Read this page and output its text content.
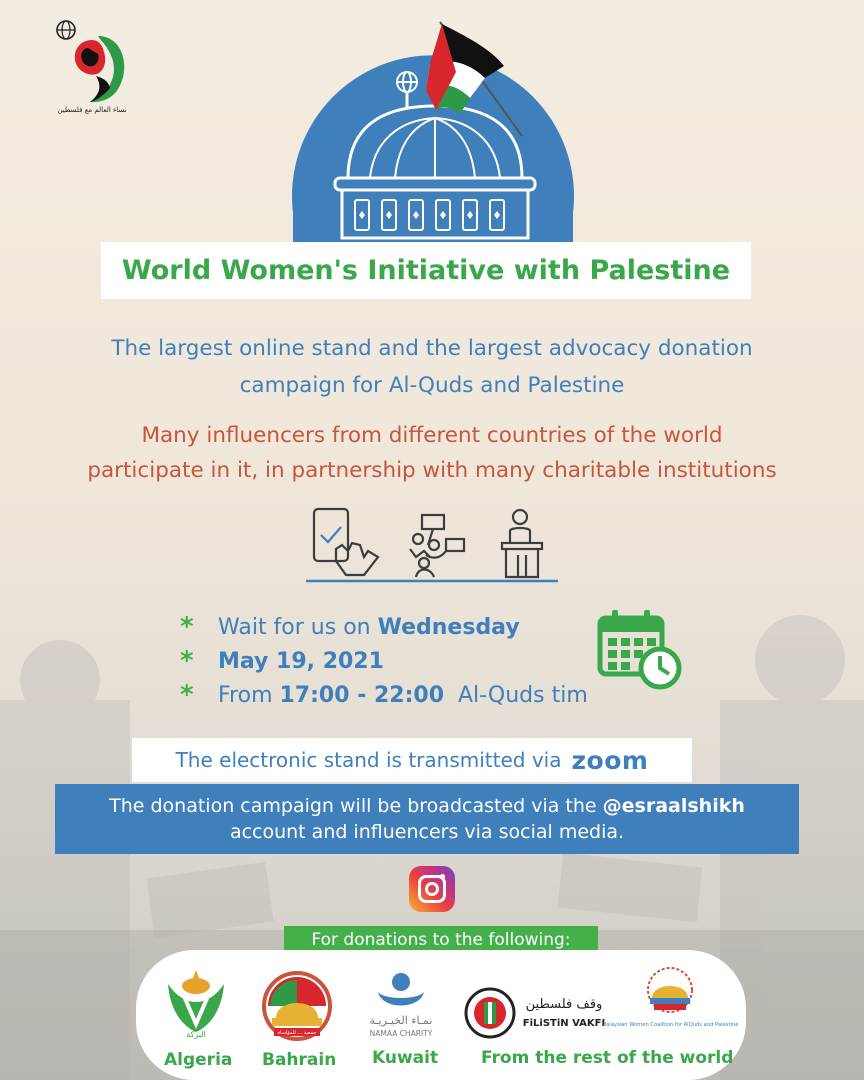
نساء العالم مع فلسطين
World Women's Initiative with Palestine
The largest online stand and the largest advocacy donation
campaign for Al-Quds and Palestine
Many influencers from different countries of the world
participate in it, in partnership with many charitable institutions
*	Wait for us on Wednesday
*	May 19, 2021
*	From 17:00 - 22:00 Al-Quds tim
The electronic stand is transmitted via zoom
The donation campaign will be broadcasted via the @esraalshikh
account and influencers via social media.
For donations to the following:
البركة
Algeria
جمعية ... للمؤاساة
Bahrain
نمـاء الخيـريـة
NAMAA CHARITY
Kuwait
وقف فلسطين
FiLiSTiN VAKFI
Malaysian Women Coalition for AlQuds and Palestine
From the rest of the world
